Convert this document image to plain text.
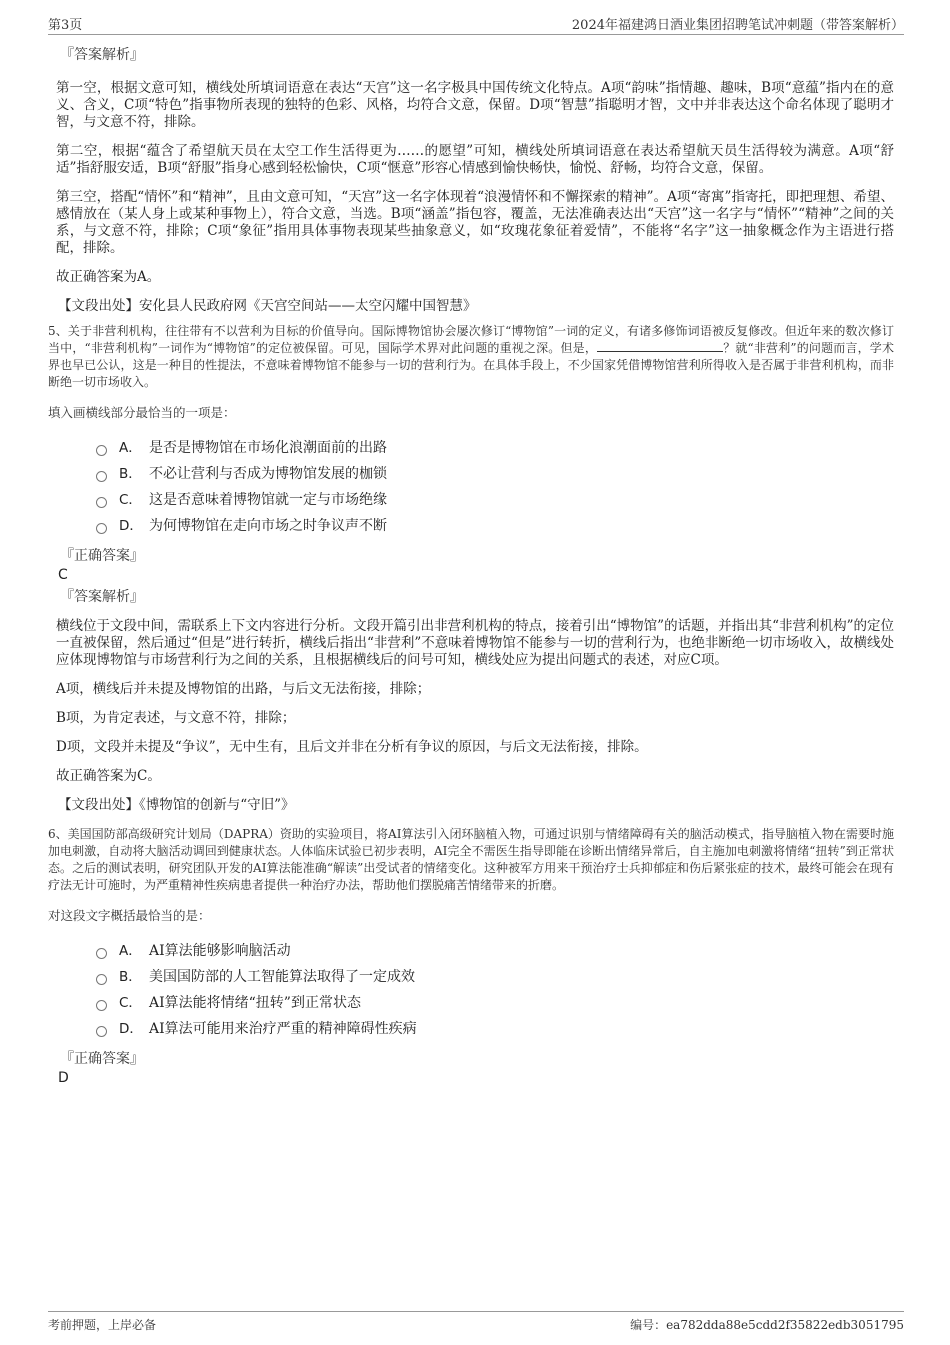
第3页	2024年福建鸿日酒业集团招聘笔试冲刺题（带答案解析）
『答案解析』

第一空，根据文意可知，横线处所填词语意在表达“天宫”这一名字极具中国传统文化特点。A项“韵味”指情趣、趣味，B项“意蕴”指内在的意义、含义，C项“特色”指事物所表现的独特的色彩、风格，均符合文意，保留。D项“智慧”指聪明才智，文中并非表达这个命名体现了聪明才智，与文意不符，排除。

第二空，根据“蕴含了希望航天员在太空工作生活得更为……的愿望”可知，横线处所填词语意在表达希望航天员生活得较为满意。A项“舒适”指舒服安适，B项“舒服”指身心感到轻松愉快，C项“惬意”形容心情感到愉快畅快，愉悦、舒畅，均符合文意，保留。

第三空，搭配“情怀”和“精神”，且由文意可知，“天宫”这一名字体现着“浪漫情怀和不懈探索的精神”。A项“寄寓”指寄托，即把理想、希望、感情放在（某人身上或某种事物上），符合文意，当选。B项“涵盖”指包容，覆盖，无法准确表达出“天宫”这一名字与“情怀”“精神”之间的关系，与文意不符，排除；C项“象征”指用具体事物表现某些抽象意义，如“玫瑰花象征着爱情”，不能将“名字”这一抽象概念作为主语进行搭配，排除。

故正确答案为A。

【文段出处】安化县人民政府网《天宫空间站——太空闪耀中国智慧》

5、关于非营利机构，往往带有不以营利为目标的价值导向。国际博物馆协会屡次修订“博物馆”一词的定义，有诸多修饰词语被反复修改。但近年来的数次修订当中，“非营利机构”一词作为“博物馆”的定位被保留。可见，国际学术界对此问题的重视之深。但是，	？就“非营利”的问题而言，学术界也早已公认，这是一种目的性提法，不意味着博物馆不能参与一切的营利行为。在具体手段上，不少国家凭借博物馆营利所得收入是否属于非营利机构，而非断绝一切市场收入。

填入画横线部分最恰当的一项是：
A． 是否是博物馆在市场化浪潮面前的出路
B． 不必让营利与否成为博物馆发展的枷锁
C． 这是否意味着博物馆就一定与市场绝缘
D． 为何博物馆在走向市场之时争议声不断
『正确答案』
C
『答案解析』

横线位于文段中间，需联系上下文内容进行分析。文段开篇引出非营利机构的特点，接着引出“博物馆”的话题，并指出其“非营利机构”的定位一直被保留，然后通过“但是”进行转折，横线后指出“非营利”不意味着博物馆不能参与一切的营利行为，也绝非断绝一切市场收入，故横线处应体现博物馆与市场营利行为之间的关系，且根据横线后的问号可知，横线处应为提出问题式的表述，对应C项。

A项，横线后并未提及博物馆的出路，与后文无法衔接，排除；

B项，为肯定表述，与文意不符，排除；

D项，文段并未提及“争议”，无中生有，且后文并非在分析有争议的原因，与后文无法衔接，排除。

故正确答案为C。

【文段出处】《博物馆的创新与“守旧”》

6、美国国防部高级研究计划局（DAPRA）资助的实验项目，将AI算法引入闭环脑植入物，可通过识别与情绪障碍有关的脑活动模式，指导脑植入物在需要时施加电刺激，自动将大脑活动调回到健康状态。人体临床试验已初步表明，AI完全不需医生指导即能在诊断出情绪异常后，自主施加电刺激将情绪“扭转”到正常状态。之后的测试表明，研究团队开发的AI算法能准确“解读”出受试者的情绪变化。这种被军方用来干预治疗士兵抑郁症和伤后紧张症的技术，最终可能会在现有疗法无计可施时，为严重精神性疾病患者提供一种治疗办法，帮助他们摆脱痛苦情绪带来的折磨。

对这段文字概括最恰当的是：
A． AI算法能够影响脑活动
B． 美国国防部的人工智能算法取得了一定成效
C． AI算法能将情绪“扭转”到正常状态
D． AI算法可能用来治疗严重的精神障碍性疾病
『正确答案』
D
考前押题，上岸必备	编号：ea782dda88e5cdd2f35822edb3051795
